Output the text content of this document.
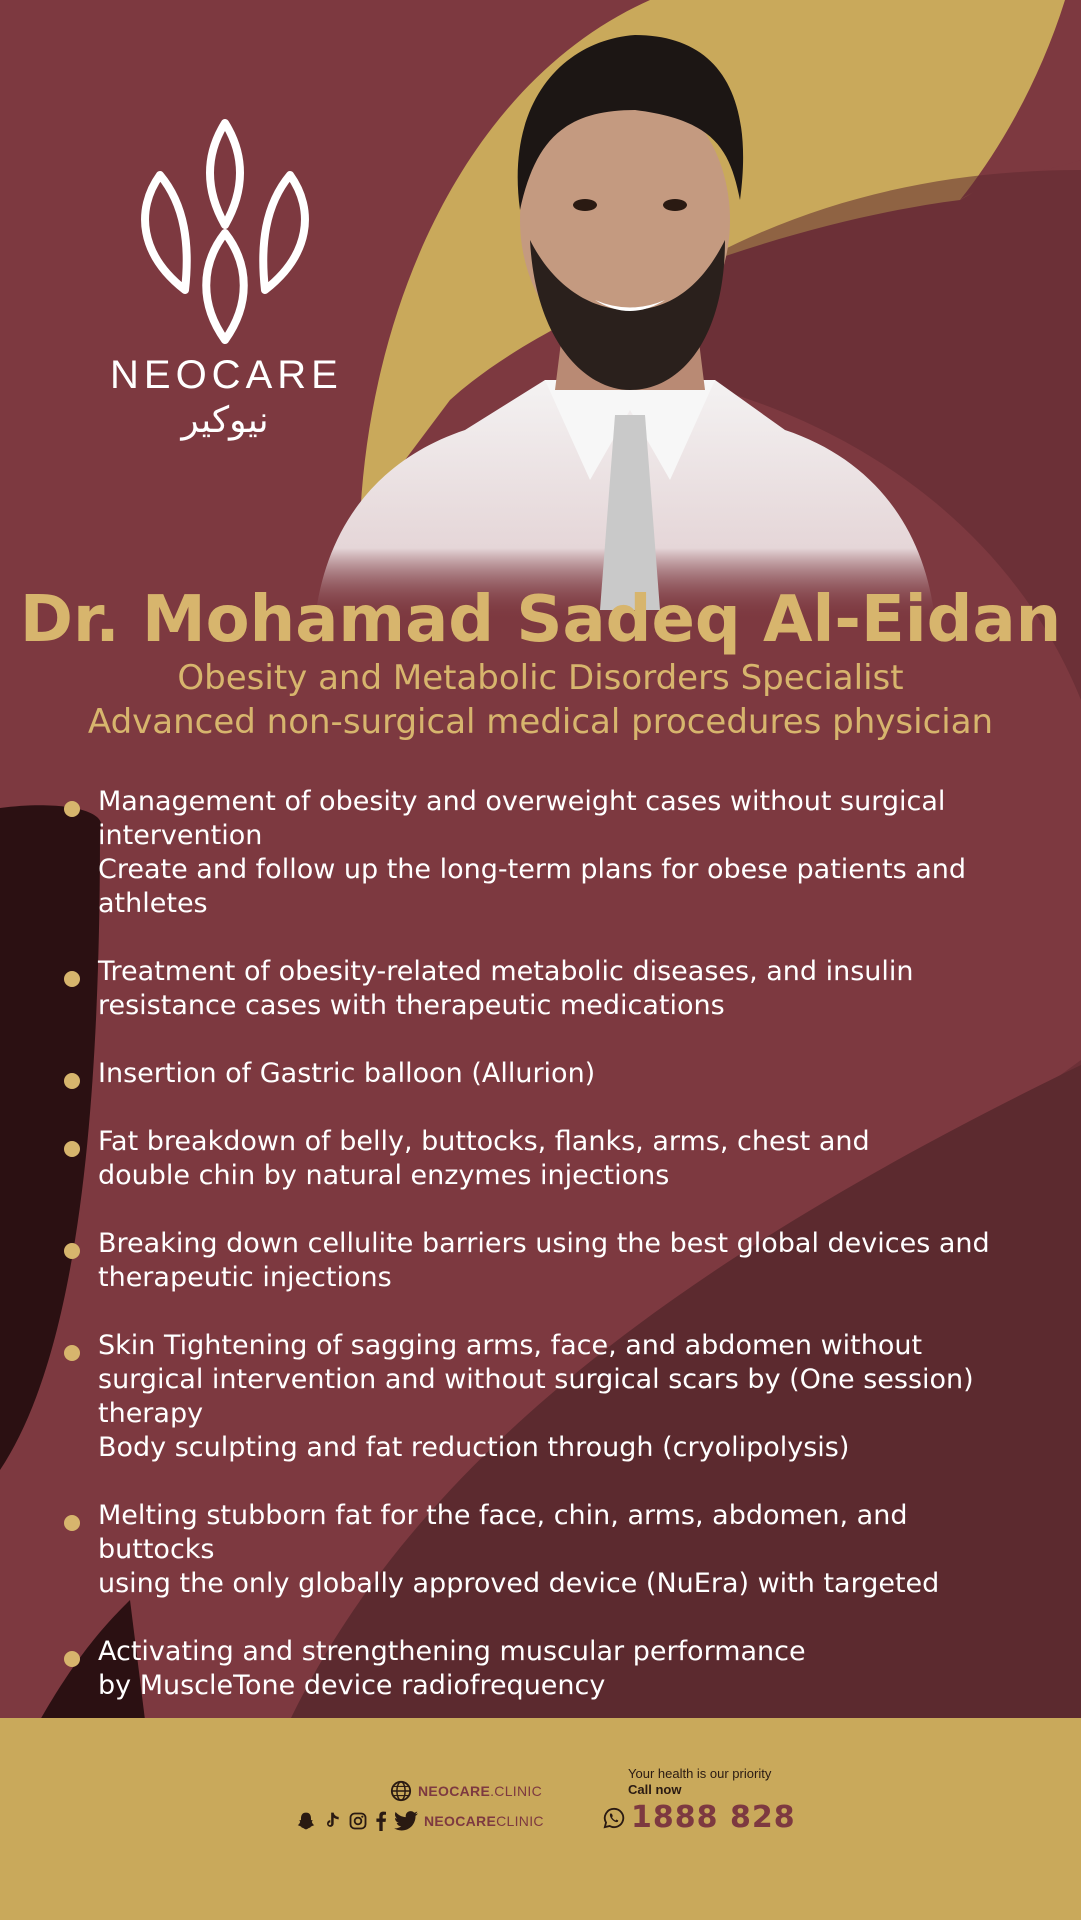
NEOCARE
نيوكير
Dr. Mohamad Sadeq Al-Eidan
Obesity and Metabolic Disorders Specialist
Advanced non-surgical medical procedures physician
Management of obesity and overweight cases without surgical
intervention
Create and follow up the long-term plans for obese patients and
athletes
Treatment of obesity-related metabolic diseases, and insulin
resistance cases with therapeutic medications
Insertion of Gastric balloon (Allurion)
Fat breakdown of belly, buttocks, flanks, arms, chest and
double chin by natural enzymes injections
Breaking down cellulite barriers using the best global devices and
therapeutic injections
Skin Tightening of sagging arms, face, and abdomen without
surgical intervention and without surgical scars by (One session)
therapy
Body sculpting and fat reduction through (cryolipolysis)
Melting stubborn fat for the face, chin, arms, abdomen, and buttocks
using the only globally approved device (NuEra) with targeted
Activating and strengthening muscular performance
by MuscleTone device radiofrequency
NEOCARE.CLINIC
NEOCARECLINIC
Your health is our priority
Call now
1888 828
